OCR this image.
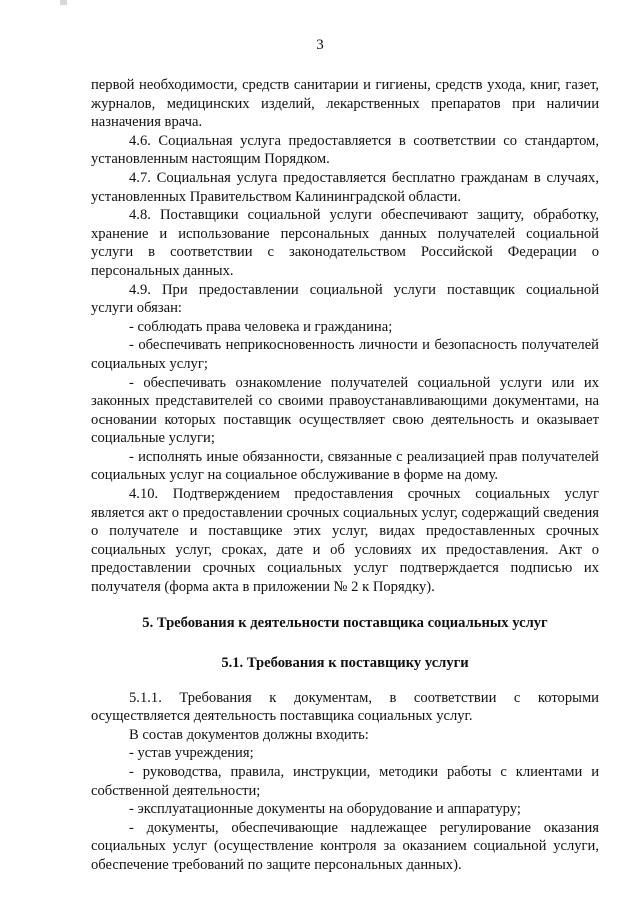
3

первой необходимости, средств санитарии и гигиены, средств ухода, книг, газет, журналов, медицинских изделий, лекарственных препаратов при наличии назначения врача.

4.6. Социальная услуга предоставляется в соответствии со стандартом, установленным настоящим Порядком.

4.7. Социальная услуга предоставляется бесплатно гражданам в случаях, установленных Правительством Калининградской области.

4.8. Поставщики социальной услуги обеспечивают защиту, обработку, хранение и использование персональных данных получателей социальной услуги в соответствии с законодательством Российской Федерации о персональных данных.

4.9. При предоставлении социальной услуги поставщик социальной услуги обязан:

- соблюдать права человека и гражданина;

- обеспечивать неприкосновенность личности и безопасность получателей социальных услуг;

- обеспечивать ознакомление получателей социальной услуги или их законных представителей со своими правоустанавливающими документами, на основании которых поставщик осуществляет свою деятельность и оказывает социальные услуги;

- исполнять иные обязанности, связанные с реализацией прав получателей социальных услуг на социальное обслуживание в форме на дому.

4.10. Подтверждением предоставления срочных социальных услуг является акт о предоставлении срочных социальных услуг, содержащий сведения о получателе и поставщике этих услуг, видах предоставленных срочных социальных услуг, сроках, дате и об условиях их предоставления. Акт о предоставлении срочных социальных услуг подтверждается подписью их получателя (форма акта в приложении № 2 к Порядку).

5. Требования к деятельности поставщика социальных услуг

5.1. Требования к поставщику услуги

5.1.1. Требования к документам, в соответствии с которыми осуществляется деятельность поставщика социальных услуг.

В состав документов должны входить:

- устав учреждения;

- руководства, правила, инструкции, методики работы с клиентами и собственной деятельности;

- эксплуатационные документы на оборудование и аппаратуру;

- документы, обеспечивающие надлежащее регулирование оказания социальных услуг (осуществление контроля за оказанием социальной услуги, обеспечение требований по защите персональных данных).
